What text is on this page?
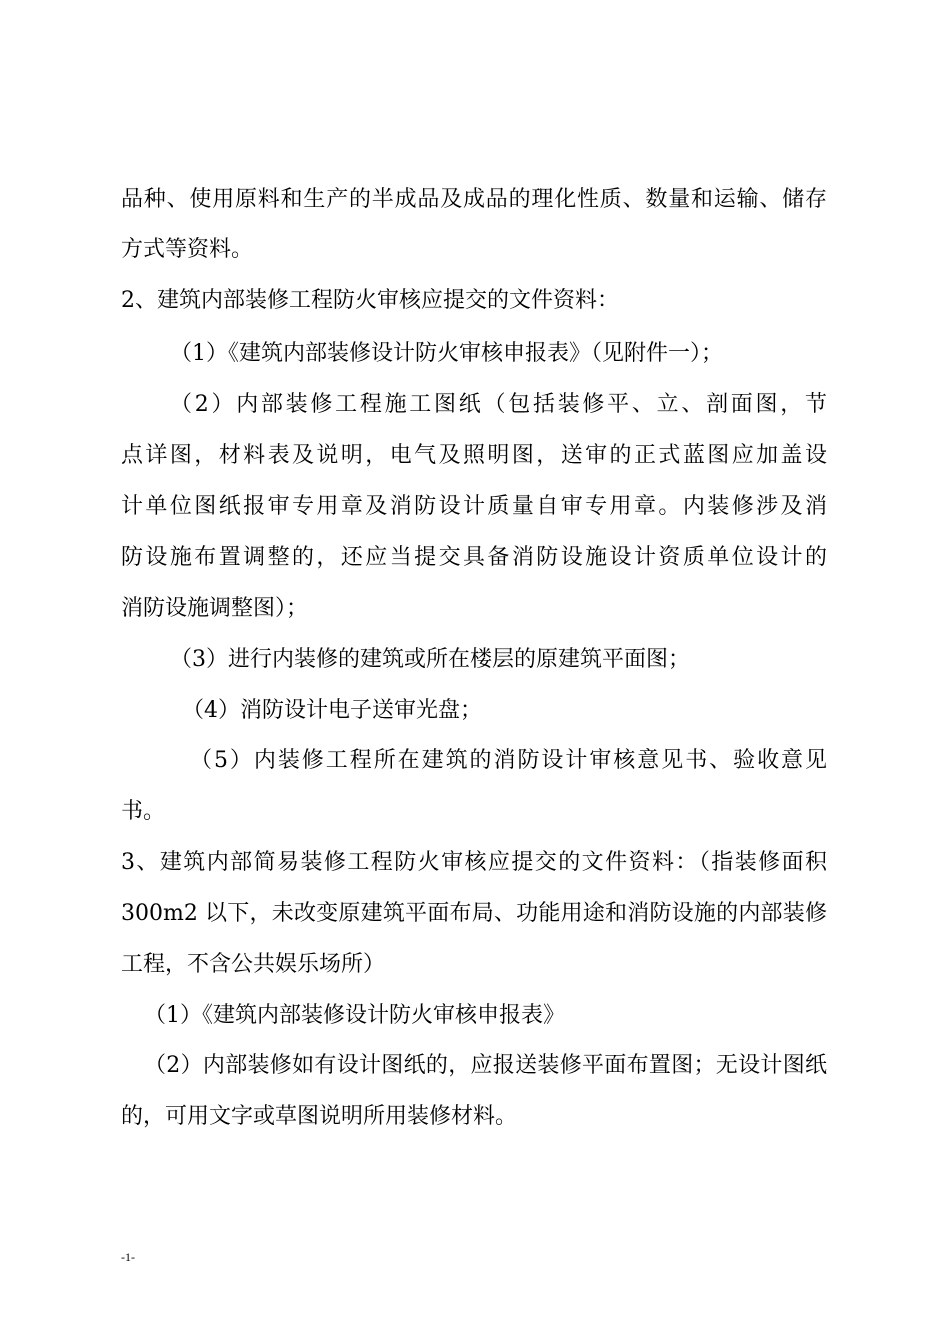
品种、使用原料和生产的半成品及成品的理化性质、数量和运输、储存
方式等资料。
2、建筑内部装修工程防火审核应提交的文件资料：
（1）《建筑内部装修设计防火审核申报表》（见附件一）；
（2）内部装修工程施工图纸（包括装修平、立、剖面图，节
点详图，材料表及说明，电气及照明图，送审的正式蓝图应加盖设
计单位图纸报审专用章及消防设计质量自审专用章。内装修涉及消
防设施布置调整的，还应当提交具备消防设施设计资质单位设计的
消防设施调整图）；
（3）进行内装修的建筑或所在楼层的原建筑平面图；
（4）消防设计电子送审光盘；
（5）内装修工程所在建筑的消防设计审核意见书、验收意见
书。
3、建筑内部简易装修工程防火审核应提交的文件资料：（指装修面积
300m2 以下，未改变原建筑平面布局、功能用途和消防设施的内部装修
工程，不含公共娱乐场所）
（1）《建筑内部装修设计防火审核申报表》
（2）内部装修如有设计图纸的，应报送装修平面布置图；无设计图纸
的，可用文字或草图说明所用装修材料。
-1-
